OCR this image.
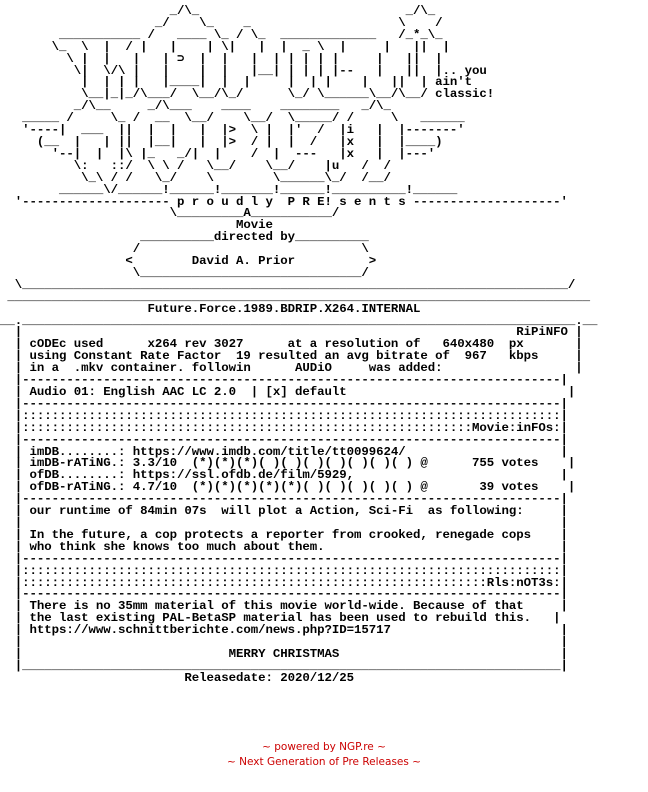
_/\_                            _/\_
_/    \_    _                    \    /
___________ /   ____ \_ / \_  _____________   /_*_\_
\_  \  |  / |   |    | \|   |  |  _ \  |     |   ||  |
\ |  |   |   | ⊃  |  |   |  | | | | |     |   ||  |
\|  \/\ |   |    |  |   |__| | | | |--   |   ||  |.. you
|  | | |   |____|  |  |     |  | |    |   ||  | ain't
\__|_|_/\___/  \__/\_/      \_/ \______\__/\__/ classic!
_/\__     _/\___    ____    ________   _/\_
_____ /     \_ /  __  \__/    \__/  \_____/ /     \   ______
'----|  ___  ||  |  |   |  |>  \ |  |'  /  |i   |  |-------'
(__  |   | ||  |__|   |  |>  / |  |  /   |x   |  |____)
'--|  |  |\ |_   _/|  |    /  |  ---   |x   |  |---'
\:   ::/  \ \ /   \__/    \__/    |u   /  /
\_\ / /   \_/    \        \______\_/  /__/
______\/______!______!_______!______!__________!______
'-------------------- p r o u d l y  P R E! s e n t s --------------------'
\_________A___________/
Movie
__________directed by__________
/                              \
<        David A. Prior          >
\______________________________/
\__________________________________________________________________________/
_______________________________________________________________________________
Future.Force.1989.BDRIP.X264.INTERNAL
__.___________________________________________________________________________.__
|                                                                   RiPiNFO |
| cODEc used      x264 rev 3027      at a resolution of   640x480  px       |
| using Constant Rate Factor  19 resulted an avg bitrate of  967   kbps     |
| in a  .mkv container. followin      AUDiO     was added:                  |
|-------------------------------------------------------------------------|
| Audio 01: English AAC LC 2.0  | [x] default                              |
|-------------------------------------------------------------------------|
|:::::::::::::::::::::::::::::::::::::::::::::::::::::::::::::::::::::::::|
|:::::::::::::::::::::::::::::::::::::::::::::::::::::::::::::Movie:inFOs:|
|-------------------------------------------------------------------------|
| imDB........: https://www.imdb.com/title/tt0099624/                     |
| imDB-rATiNG.: 3.3/10  (*)(*)(*)( )( )( )( )( )( )( ) @      755 votes    |
| ofDB........: https://ssl.ofdb.de/film/5929,                            |
| ofDB-rATiNG.: 4.7/10  (*)(*)(*)(*)(*)( )( )( )( )( ) @       39 votes    |
|-------------------------------------------------------------------------|
| our runtime of 84min 07s  will plot a Action, Sci-Fi  as following:     |
|                                                                         |
| In the future, a cop protects a reporter from crooked, renegade cops    |
| who think she knows too much about them.                                |
|-------------------------------------------------------------------------|
|:::::::::::::::::::::::::::::::::::::::::::::::::::::::::::::::::::::::::|
|:::::::::::::::::::::::::::::::::::::::::::::::::::::::::::::::Rls:nOT3s:|
|-------------------------------------------------------------------------|
| There is no 35mm material of this movie world-wide. Because of that     |
| the last existing PAL-BetaSP material has been used to rebuild this.   |
| https://www.schnittberichte.com/news.php?ID=15717                       |
|                                                                         |
|                            MERRY CHRISTMAS                              |
|_________________________________________________________________________|
Releasedate: 2020/12/25
~ powered by NGP.re ~
~ Next Generation of Pre Releases ~
